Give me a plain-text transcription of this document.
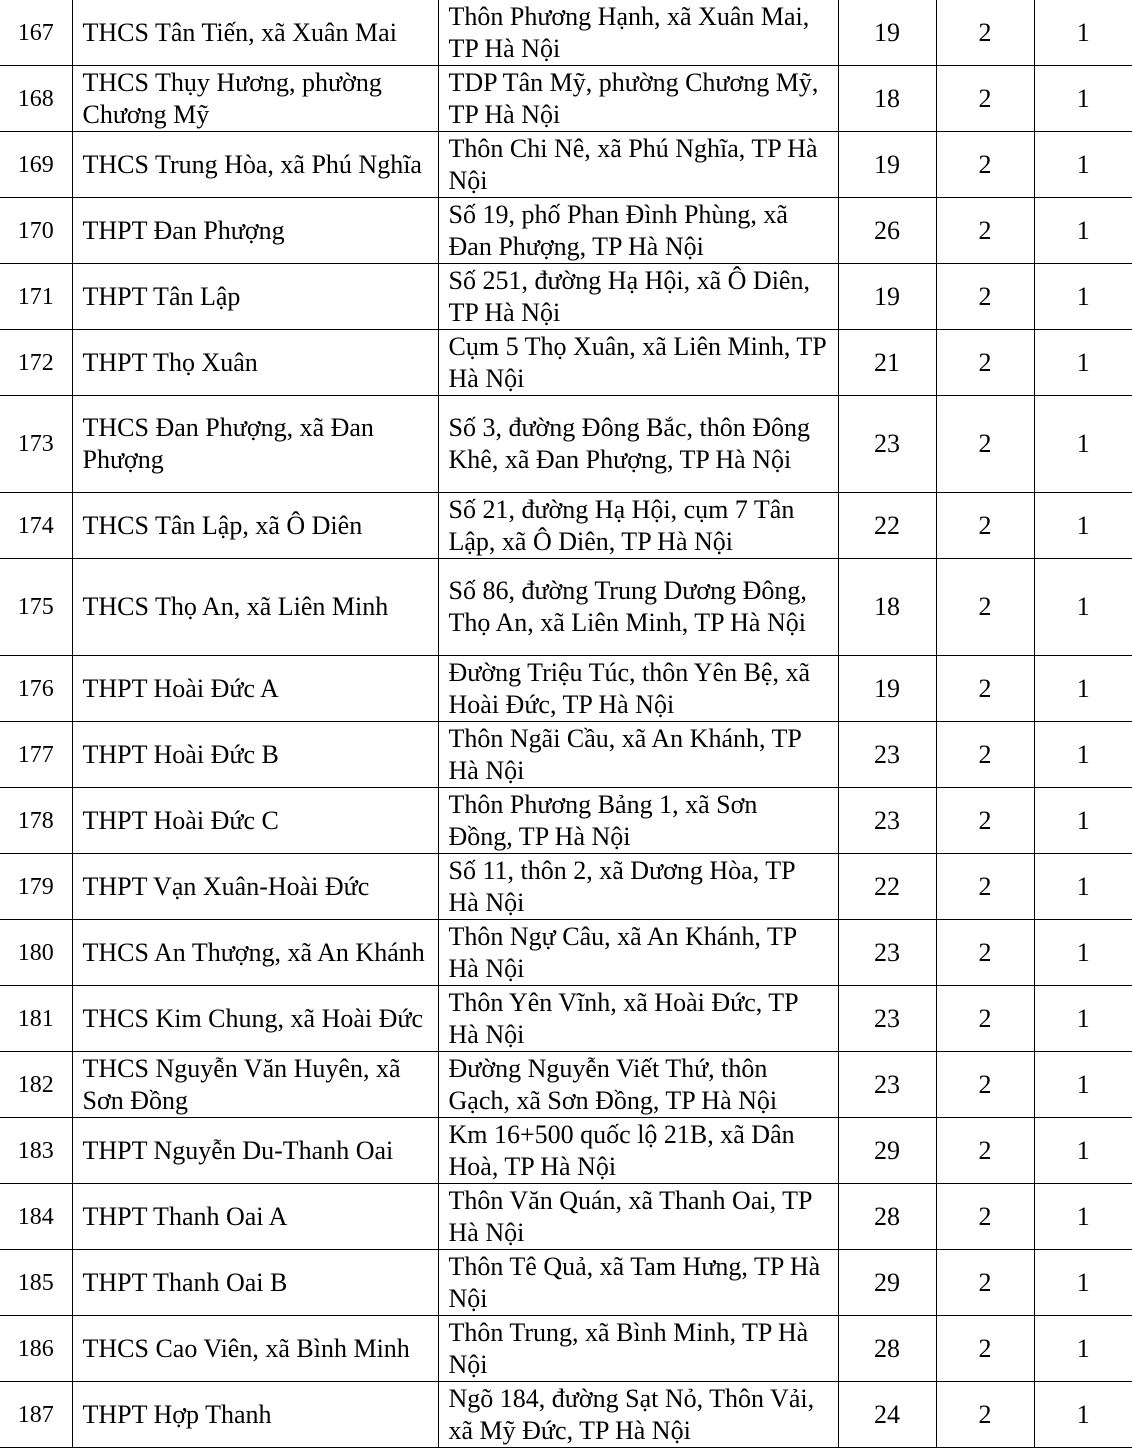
167	THCS Tân Tiến, xã Xuân Mai	Thôn Phương Hạnh, xã Xuân Mai, TP Hà Nội	19	2	1
168	THCS Thụy Hương, phường Chương Mỹ	TDP Tân Mỹ, phường Chương Mỹ, TP Hà Nội	18	2	1
169	THCS Trung Hòa, xã Phú Nghĩa	Thôn Chi Nê, xã Phú Nghĩa, TP Hà Nội	19	2	1
170	THPT Đan Phượng	Số 19, phố Phan Đình Phùng, xã Đan Phượng, TP Hà Nội	26	2	1
171	THPT Tân Lập	Số 251, đường Hạ Hội, xã Ô Diên, TP Hà Nội	19	2	1
172	THPT Thọ Xuân	Cụm 5 Thọ Xuân, xã Liên Minh, TP Hà Nội	21	2	1
173	THCS Đan Phượng, xã Đan Phượng	Số 3, đường Đông Bắc, thôn Đông Khê, xã Đan Phượng, TP Hà Nội	23	2	1
174	THCS Tân Lập, xã Ô Diên	Số 21, đường Hạ Hội, cụm 7 Tân Lập, xã Ô Diên, TP Hà Nội	22	2	1
175	THCS Thọ An, xã Liên Minh	Số 86, đường Trung Dương Đông, Thọ An, xã Liên Minh, TP Hà Nội	18	2	1
176	THPT Hoài Đức A	Đường Triệu Túc, thôn Yên Bệ, xã Hoài Đức, TP Hà Nội	19	2	1
177	THPT Hoài Đức B	Thôn Ngãi Cầu, xã An Khánh, TP Hà Nội	23	2	1
178	THPT Hoài Đức C	Thôn Phương Bảng 1, xã Sơn Đồng, TP Hà Nội	23	2	1
179	THPT Vạn Xuân-Hoài Đức	Số 11, thôn 2, xã Dương Hòa, TP Hà Nội	22	2	1
180	THCS An Thượng, xã An Khánh	Thôn Ngự Câu, xã An Khánh, TP Hà Nội	23	2	1
181	THCS Kim Chung, xã Hoài Đức	Thôn Yên Vĩnh, xã Hoài Đức, TP Hà Nội	23	2	1
182	THCS Nguyễn Văn Huyên, xã Sơn Đồng	Đường Nguyễn Viết Thứ, thôn Gạch, xã Sơn Đồng, TP Hà Nội	23	2	1
183	THPT Nguyễn Du-Thanh Oai	Km 16+500 quốc lộ 21B, xã Dân Hoà, TP Hà Nội	29	2	1
184	THPT Thanh Oai A	Thôn Văn Quán, xã Thanh Oai, TP Hà Nội	28	2	1
185	THPT Thanh Oai B	Thôn Tê Quả, xã Tam Hưng, TP Hà Nội	29	2	1
186	THCS Cao Viên, xã Bình Minh	Thôn Trung, xã Bình Minh, TP Hà Nội	28	2	1
187	THPT Hợp Thanh	Ngõ 184, đường Sạt Nỏ, Thôn Vải, xã Mỹ Đức, TP Hà Nội	24	2	1
